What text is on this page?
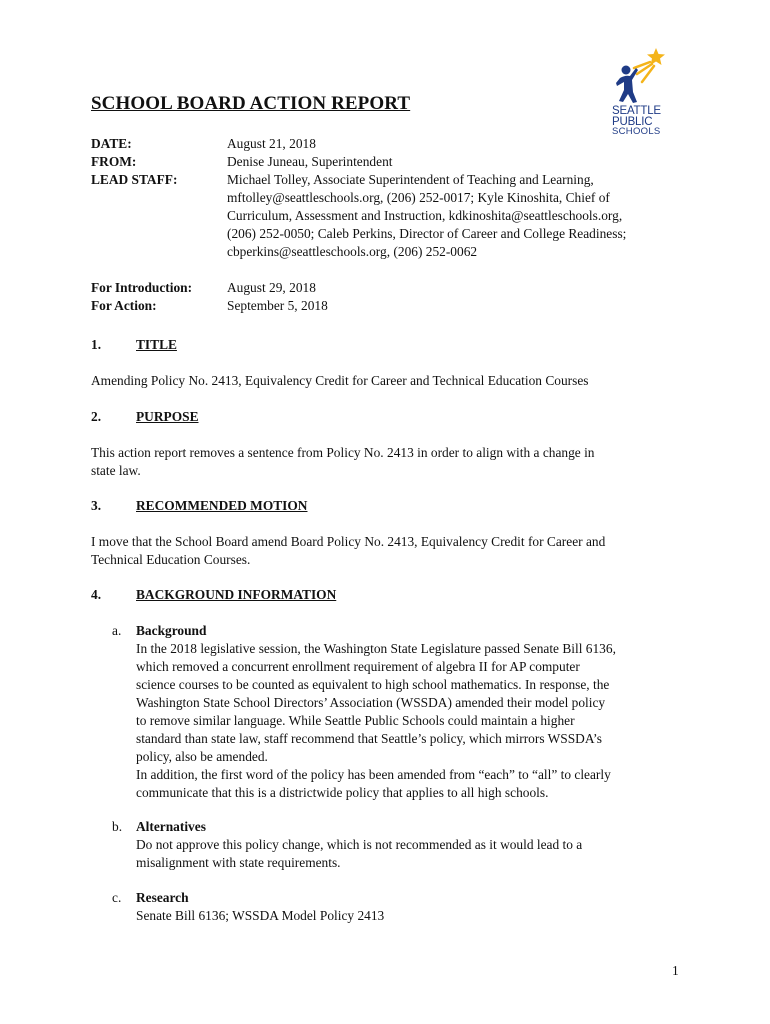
SEATTLE
PUBLIC
SCHOOLS
SCHOOL BOARD ACTION REPORT
DATE:	August 21, 2018
FROM:	Denise Juneau, Superintendent
LEAD STAFF:	Michael Tolley, Associate Superintendent of Teaching and Learning,
mftolley@seattleschools.org, (206) 252-0017; Kyle Kinoshita, Chief of
Curriculum, Assessment and Instruction, kdkinoshita@seattleschools.org,
(206) 252-0050; Caleb Perkins, Director of Career and College Readiness;
cbperkins@seattleschools.org, (206) 252-0062
For Introduction:	August 29, 2018
For Action:	September 5, 2018
1.	TITLE
Amending Policy No. 2413, Equivalency Credit for Career and Technical Education Courses
2.	PURPOSE
This action report removes a sentence from Policy No. 2413 in order to align with a change in
state law.
3.	RECOMMENDED MOTION
I move that the School Board amend Board Policy No. 2413, Equivalency Credit for Career and
Technical Education Courses.
4.	BACKGROUND INFORMATION
a. Background
In the 2018 legislative session, the Washington State Legislature passed Senate Bill 6136,
which removed a concurrent enrollment requirement of algebra II for AP computer
science courses to be counted as equivalent to high school mathematics. In response, the
Washington State School Directors’ Association (WSSDA) amended their model policy
to remove similar language. While Seattle Public Schools could maintain a higher
standard than state law, staff recommend that Seattle’s policy, which mirrors WSSDA’s
policy, also be amended.
In addition, the first word of the policy has been amended from “each” to “all” to clearly
communicate that this is a districtwide policy that applies to all high schools.
b. Alternatives
Do not approve this policy change, which is not recommended as it would lead to a
misalignment with state requirements.
c. Research
Senate Bill 6136; WSSDA Model Policy 2413
1
